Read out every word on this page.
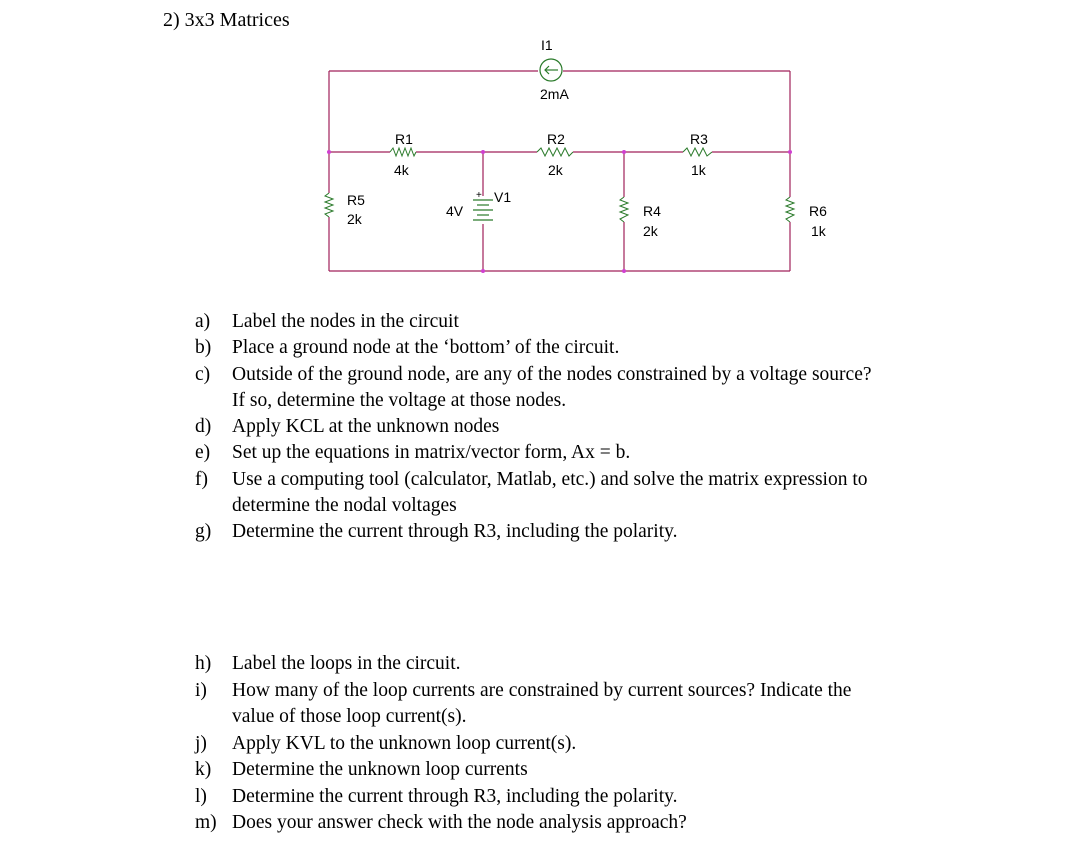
2) 3x3 Matrices
+
I1
2mA
R1
4k
R2
2k
R3
1k
R5
2k	4V
V1
R4
2k
R6
1k
a) Label the nodes in the circuit
b) Place a ground node at the ‘bottom’ of the circuit.
c) Outside of the ground node, are any of the nodes constrained by a voltage source?
If so, determine the voltage at those nodes.
d) Apply KCL at the unknown nodes
e) Set up the equations in matrix/vector form, Ax = b.
f) Use a computing tool (calculator, Matlab, etc.) and solve the matrix expression to
determine the nodal voltages
g) Determine the current through R3, including the polarity.
h) Label the loops in the circuit.
i) How many of the loop currents are constrained by current sources? Indicate the
value of those loop current(s).
j) Apply KVL to the unknown loop current(s).
k) Determine the unknown loop currents
l) Determine the current through R3, including the polarity.
m) Does your answer check with the node analysis approach?
